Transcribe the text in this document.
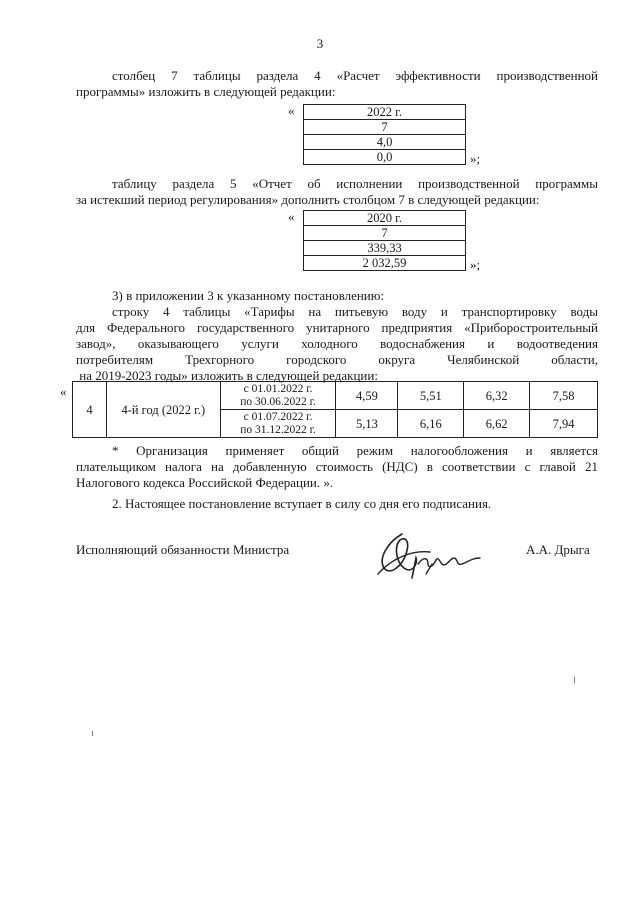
3
столбец 7 таблицы раздела 4 «Расчет эффективности производственной
программы» изложить в следующей редакции:
«	2022 г.
7
4,0
0,0	»;
таблицу раздела 5 «Отчет об исполнении производственной программы
за истекший период регулирования» дополнить столбцом 7 в следующей редакции:
«	2020 г.
7
339,33
2 032,59	»;
3) в приложении 3 к указанному постановлению:
строку 4 таблицы «Тарифы на питьевую воду и транспортировку воды
для Федерального государственного унитарного предприятия «Приборостроительный
завод», оказывающего услуги холодного водоснабжения и водоотведения
потребителям Трехгорного городского округа Челябинской области,
на 2019-2023 годы» изложить в следующей редакции:
«
4	4-й год (2022 г.)	с 01.01.2022 г.
по 30.06.2022 г.	4,59	5,51	6,32	7,58

		с 01.07.2022 г.
по 31.12.2022 г.	5,13	6,16	6,62	7,94
* Организация применяет общий режим налогообложения и является
плательщиком налога на добавленную стоимость (НДС) в соответствии с главой 21
Налогового кодекса Российской Федерации. ».
2. Настоящее постановление вступает в силу со дня его подписания.
Исполняющий обязанности Министра	А.А. Дрыга
